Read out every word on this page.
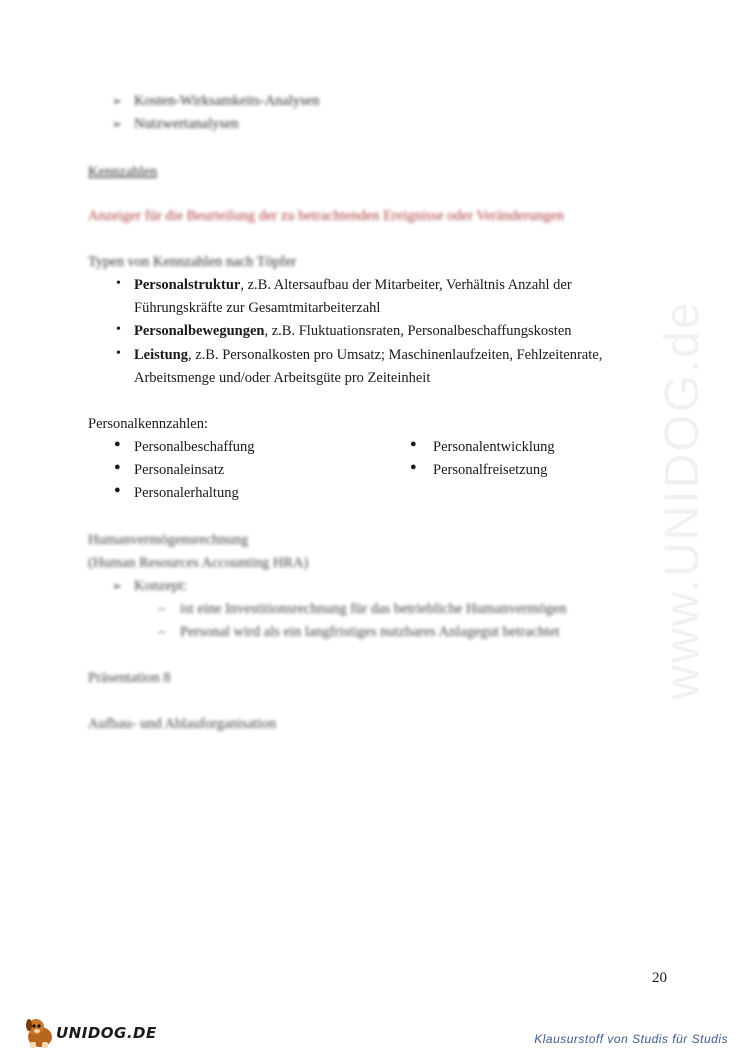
www.UNIDOG.de
➢ Kosten-Wirksamkeits-Analysen
➢ Nutzwertanalysen
Kennzahlen
Anzeiger für die Beurteilung der zu betrachtenden Ereignisse oder Veränderungen
Typen von Kennzahlen nach Töpfer
• Personalstruktur, z.B. Altersaufbau der Mitarbeiter, Verhältnis Anzahl der
Führungskräfte zur Gesamtmitarbeiterzahl
• Personalbewegungen, z.B. Fluktuationsraten, Personalbeschaffungskosten
• Leistung, z.B. Personalkosten pro Umsatz; Maschinenlaufzeiten, Fehlzeitenrate,
Arbeitsmenge und/oder Arbeitsgüte pro Zeiteinheit
Personalkennzahlen:
● Personalbeschaffung
● Personaleinsatz
● Personalerhaltung
● Personalentwicklung
● Personalfreisetzung
Humanvermögensrechnung
(Human Resources Accounting HRA)
➢ Konzept:
– ist eine Investitionsrechnung für das betriebliche Humanvermögen
– Personal wird als ein langfristiges nutzbares Anlagegut betrachtet
Präsentation 8
Aufbau- und Ablauforganisation
20
UNIDOG.DE	Klausurstoff von Studis für Studis
